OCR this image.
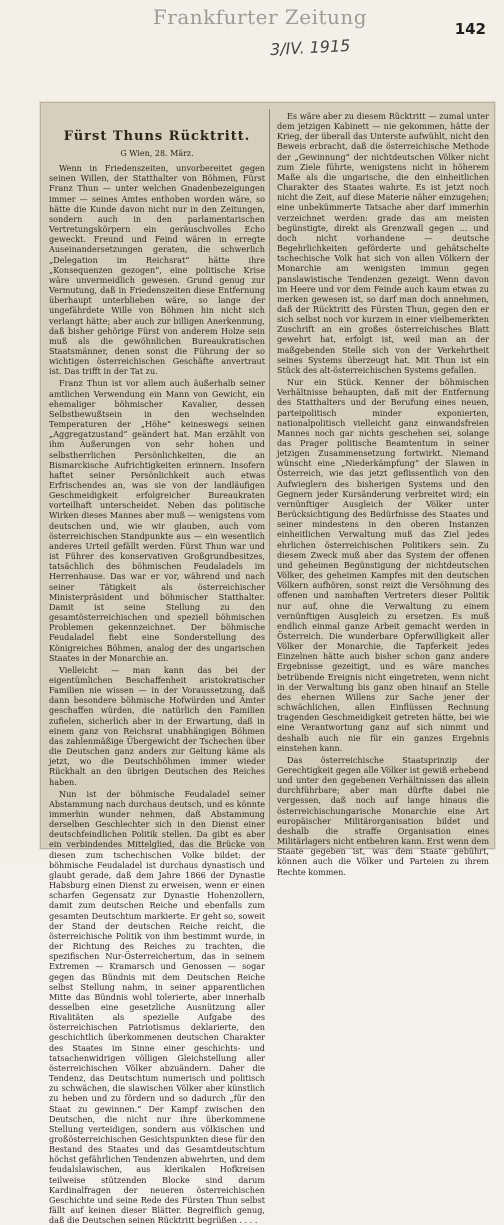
Frankfurter Zeitung	142
3/IV. 1915
Fürst Thuns Rücktritt.
G Wien, 28. März.

Wenn in Friedenszeiten, unvorbereitet gegen seinen Willen, der Statthalter von Böhmen, Fürst Franz Thun — unter welchen Gnadenbezeigungen immer — seines Amtes enthoben worden wäre, so hätte die Kunde davon nicht nur in den Zeitungen, sondern auch in den parlamentarischen Vertretungskörpern ein geräuschvolles Echo geweckt. Freund und Feind wären in erregte Auseinandersetzungen geraten, die schwerlich „Delegation im Reichsrat“ hätte ihre „Konsequenzen gezogen“, eine politische Krise wäre unvermeidlich gewesen. Grund genug zur Vermutung, daß in Friedenszeiten diese Entfernung überhaupt unterblieben wäre, so lange der ungefährdete Wille von Böhmen hin nicht sich verlangt hätte; aber auch zur billigen Anerkennung, daß bisher gehörige Fürst von anderem Holze sein muß als die gewöhnlichen Bureaukratischen Staatsmänner, denen sonst die Führung der so wichtigen österreichischen Geschäfte anvertraut ist. Das trifft in der Tat zu.

Franz Thun ist vor allem auch äußerhalb seiner amtlichen Verwendung ein Mann von Gewicht, ein ehemaliger böhmischer Kavalier, dessen Selbstbewußtsein in den wechselnden Temperaturen der „Höhe“ keineswegs seinen „Aggregatzustand“ geändert hat. Man erzählt von ihm Äußerungen von sehr hohen und selbstherrlichen Persönlichkeiten, die an Bismarckische Aufrichtigkeiten erinnern. Insofern haftet seiner Persönlichkeit auch etwas Erfrischendes an, was sie von der landläufigen Geschmeidigkeit erfolgreicher Bureaukraten vorteilhaft unterscheidet. Neben das politische Wirken dieses Mannes aber muß — wenigstens vom deutschen und, wie wir glauben, auch vom österreichischen Standpunkte aus — ein wesentlich anderes Urteil gefällt werden. Fürst Thun war und ist Führer des konservativen Großgrundbesitzes, tatsächlich des böhmischen Feudaladels im Herrenhause. Das war er vor, während und nach seiner Tätigkeit als österreichischer Ministerpräsident und böhmischer Statthalter. Damit ist seine Stellung zu den gesamtösterreichischen und speziell böhmischen Problemen gekennzeichnet. Der böhmische Feudaladel fiebt eine Sonderstellung des Königreiches Böhmen, analog der des ungarischen Staates in der Monarchie an.

Vielleicht — man kann das bei der eigentümlichen Beschaffenheit aristokratischer Familien nie wissen — in der Voraussetzung, daß dann besondere böhmische Hofwürden und Ämter geschaffen würden, die natürlich den Familien zufielen, sicherlich aber in der Erwartung, daß in einem ganz von Reichsrat unabhängigen Böhmen das zahlenmäßige Übergewicht der Tschechen über die Deutschen ganz anders zur Geltung käme als jetzt, wo die Deutschböhmen immer wieder Rückhalt an den übrigen Deutschen des Reiches haben.

Nun ist der böhmische Feudaladel seiner Abstammung nach durchaus deutsch, und es könnte immerhin wunder nehmen, daß Abstammung derselben Geschlechter sich in den Dienst einer deutschfeindlichen Politik stellen. Da gibt es aber ein verbindendes Mittelglied, das die Brücke von diesen zum tschechischen Volke bildet: der böhmische Feudaladel ist durchaus dynastisch und glaubt gerade, daß dem Jahre 1866 der Dynastie Habsburg einen Dienst zu erweisen, wenn er einen scharfen Gegensatz zur Dynastie Hohenzollern, damit zum deutschen Reiche und ebenfalls zum gesamten Deutschtum markierte. Er geht so, soweit der Stand der deutschen Reiche reicht, die österreichische Politik von ihm bestimmt wurde, in der Richtung des Reiches zu trachten, die spezifischen Nur-Österreichertum, das in seinem Extremen — Kramarsch und Genossen — sogar gegen das Bündnis mit dem Deutschen Reiche selbst Stellung nahm, in seiner apparentlichen Mitte das Bündnis wohl tolerierte, aber innerhalb desselben eine gesetzliche Ausnützung aller Rivalitäten als spezielle Aufgabe des österreichischen Patriotismus deklarierte, den geschichtlich überkommenen deutschen Charakter des Staates im Sinne einer geschichts- und tatsachenwidrigen völligen Gleichstellung aller österreichischen Völker abzuändern. Daher die Tendenz, das Deutschtum numerisch und politisch zu schwächen, die slawischen Völker aber künstlich zu heben und zu fördern und so dadurch „für den Staat zu gewinnen.“ Der Kampf zwischen den Deutschen, die nicht nur ihre überkommene Stellung verteidigen, sondern aus völkischen und großösterreichischen Gesichtspunkten diese für den Bestand des Staates und das Gesamtdeutschtum höchst gefährlichen Tendenzen abwehrten, und dem feudalslawischen, aus klerikalen Hofkreisen teilweise stützenden Blocke sind darum Kardinalfragen der neueren österreichischen Geschichte und seine Rede des Fürsten Thun selbst fällt auf keinen dieser Blätter. Begreiflich genug, daß die Deutschen seinen Rücktritt begrüßen . . . .

Es wäre aber zu diesem Rücktritt — zumal unter dem jetzigen Kabinett — nie gekommen, hätte der Krieg, der überall das Unterste aufwühlt, nicht den Beweis erbracht, daß die österreichische Methode der „Gewinnung“ der nichtdeutschen Völker nicht zum Ziele führte, wenigstens nicht in höherem Maße als die ungarische, die den einheitlichen Charakter des Staates wahrte. Es ist jetzt noch nicht die Zeit, auf diese Materie näher einzugehen; eine unbekümmerte Tatsache aber darf immerhin verzeichnet werden: grade das am meisten begünstigte, direkt als Grenzwall gegen ... und doch nicht vorhandene — deutsche Begehrlichkeiten geförderte und gehätschelte tschechische Volk hat sich von allen Völkern der Monarchie am wenigsten immun gegen panslawistische Tendenzen gezeigt. Wenn davon im Heere und vor dem Feinde auch kaum etwas zu merken gewesen ist, so darf man doch annehmen, daß der Rücktritt des Fürsten Thun, gegen den er sich selbst noch vor kurzem in einer vielbemerkten Zuschrift an ein großes österreichisches Blatt gewehrt hat, erfolgt ist, weil man an der maßgebenden Stelle sich von der Verkehrtheit seines Systems überzeugt hat. Mit Thun ist ein Stück des alt-österreichischen Systems gefallen.

Nur ein Stück. Kenner der böhmischen Verhältnisse behaupten, daß mit der Entfernung des Statthalters und der Berufung eines neuen, parteipolitisch minder exponierten, nationalpolitisch vielleicht ganz einwandsfreien Mannes noch gar nichts geschehen sei, solange das Prager politische Beamtentum in seiner jetzigen Zusammensetzung fortwirkt. Niemand wünscht eine „Niederkämpfung“ der Slawen in Österreich, wie das jetzt geflissentlich von den Aufwieglern des bisherigen Systems und den Gegnern jeder Kursänderung verbreitet wird; ein vernünftiger Ausgleich der Völker unter Berücksichtigung des Bedürfnisse des Staates und seiner mindestens in den oberen Instanzen einheitlichen Verwaltung muß das Ziel jedes ehrlichen österreichischen Politikers sein. Zu diesem Zweck muß aber das System der offenen und geheimen Begünstigung der nichtdeutschen Völker, des geheimen Kampfes mit den deutschen Völkern aufhören, sonst reizt die Versöhnung des offenen und namhaften Vertreters dieser Politik nur auf, ohne die Verwaltung zu einem vernünftigen Ausgleich zu ersetzen. Es muß endlich einmal ganze Arbeit gemacht werden in Österreich. Die wunderbare Opferwilligkeit aller Völker der Monarchie, die Tapferkeit jedes Einzelnen hätte auch bisher schon ganz andere Ergebnisse gezeitigt, und es wäre manches betrübende Ereignis nicht eingetreten, wenn nicht in der Verwaltung bis ganz oben hinauf an Stelle des ehernen Willens zur Sache jener der schwächlichen, allen Einflüssen Rechnung tragenden Geschmeidigkeit getreten hätte, bei wie eine Verantwortung ganz auf sich nimmt und deshalb auch nie für ein ganzes Ergebnis einstehen kann.

Das österreichische Staatsprinzip der Gerechtigkeit gegen alle Völker ist gewiß erhebend und unter den gegebenen Verhältnissen das allein durchführbare; aber man dürfte dabei nie vergessen, daß noch auf lange hinaus die österreichischungarische Monarchie eine Art europäischer Militärorganisation bildet und deshalb die straffe Organisation eines Militärlagers nicht entbehren kann. Erst wenn dem Staate gegeben ist, was dem Staate gebührt, können auch die Völker und Parteien zu ihrem Rechte kommen.
